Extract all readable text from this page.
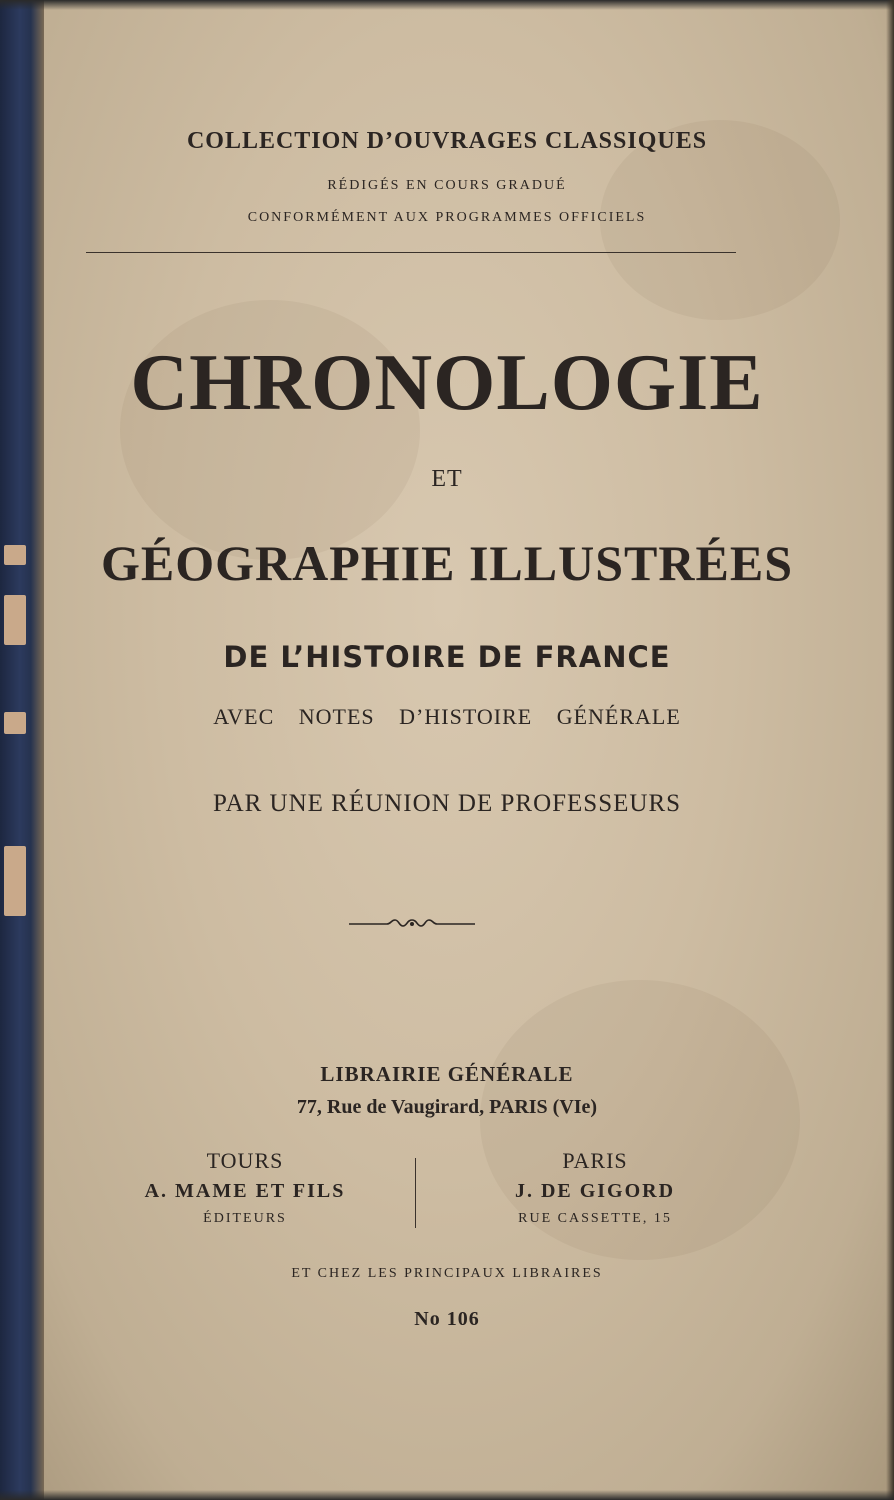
COLLECTION D’OUVRAGES CLASSIQUES
RÉDIGÉS EN COURS GRADUÉ
CONFORMÉMENT AUX PROGRAMMES OFFICIELS
CHRONOLOGIE
ET
GÉOGRAPHIE ILLUSTRÉES
DE L’HISTOIRE DE FRANCE
AVEC NOTES D’HISTOIRE GÉNÉRALE
PAR UNE RÉUNION DE PROFESSEURS
LIBRAIRIE GÉNÉRALE
77, Rue de Vaugirard, PARIS (VIe)
TOURS
A. MAME ET FILS
ÉDITEURS
PARIS
J. DE GIGORD
RUE CASSETTE, 15
ET CHEZ LES PRINCIPAUX LIBRAIRES
No 106
